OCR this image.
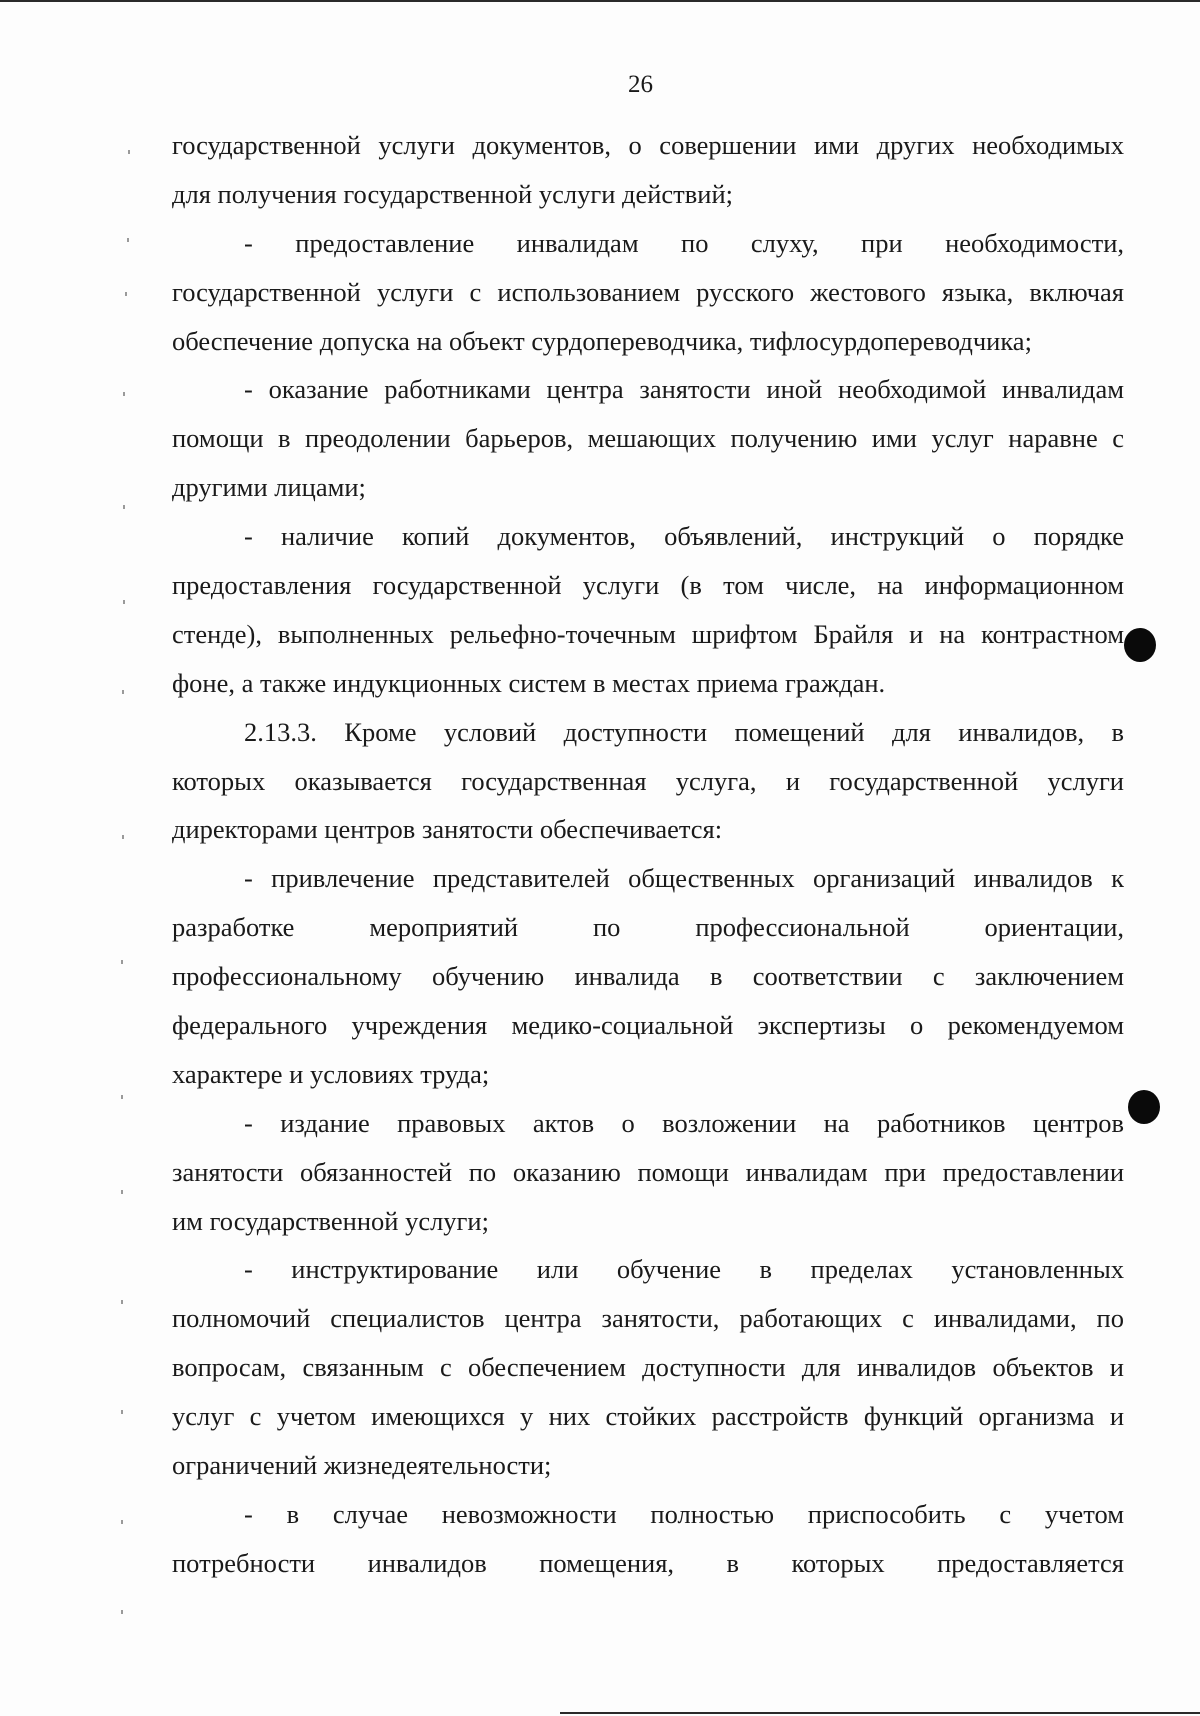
26

государственной услуги документов, о совершении ими других необходимых
для получения государственной услуги действий;

- предоставление инвалидам по слуху, при необходимости,
государственной услуги с использованием русского жестового языка, включая
обеспечение допуска на объект сурдопереводчика, тифлосурдопереводчика;

- оказание работниками центра занятости иной необходимой инвалидам
помощи в преодолении барьеров, мешающих получению ими услуг наравне с
другими лицами;

- наличие копий документов, объявлений, инструкций о порядке
предоставления государственной услуги (в том числе, на информационном
стенде), выполненных рельефно-точечным шрифтом Брайля и на контрастном
фоне, а также индукционных систем в местах приема граждан.

2.13.3. Кроме условий доступности помещений для инвалидов, в
которых оказывается государственная услуга, и государственной услуги
директорами центров занятости обеспечивается:

- привлечение представителей общественных организаций инвалидов к
разработке мероприятий по профессиональной ориентации,
профессиональному обучению инвалида в соответствии с заключением
федерального учреждения медико-социальной экспертизы о рекомендуемом
характере и условиях труда;

- издание правовых актов о возложении на работников центров
занятости обязанностей по оказанию помощи инвалидам при предоставлении
им государственной услуги;

- инструктирование или обучение в пределах установленных
полномочий специалистов центра занятости, работающих с инвалидами, по
вопросам, связанным с обеспечением доступности для инвалидов объектов и
услуг с учетом имеющихся у них стойких расстройств функций организма и
ограничений жизнедеятельности;

- в случае невозможности полностью приспособить с учетом
потребности инвалидов помещения, в которых предоставляется
